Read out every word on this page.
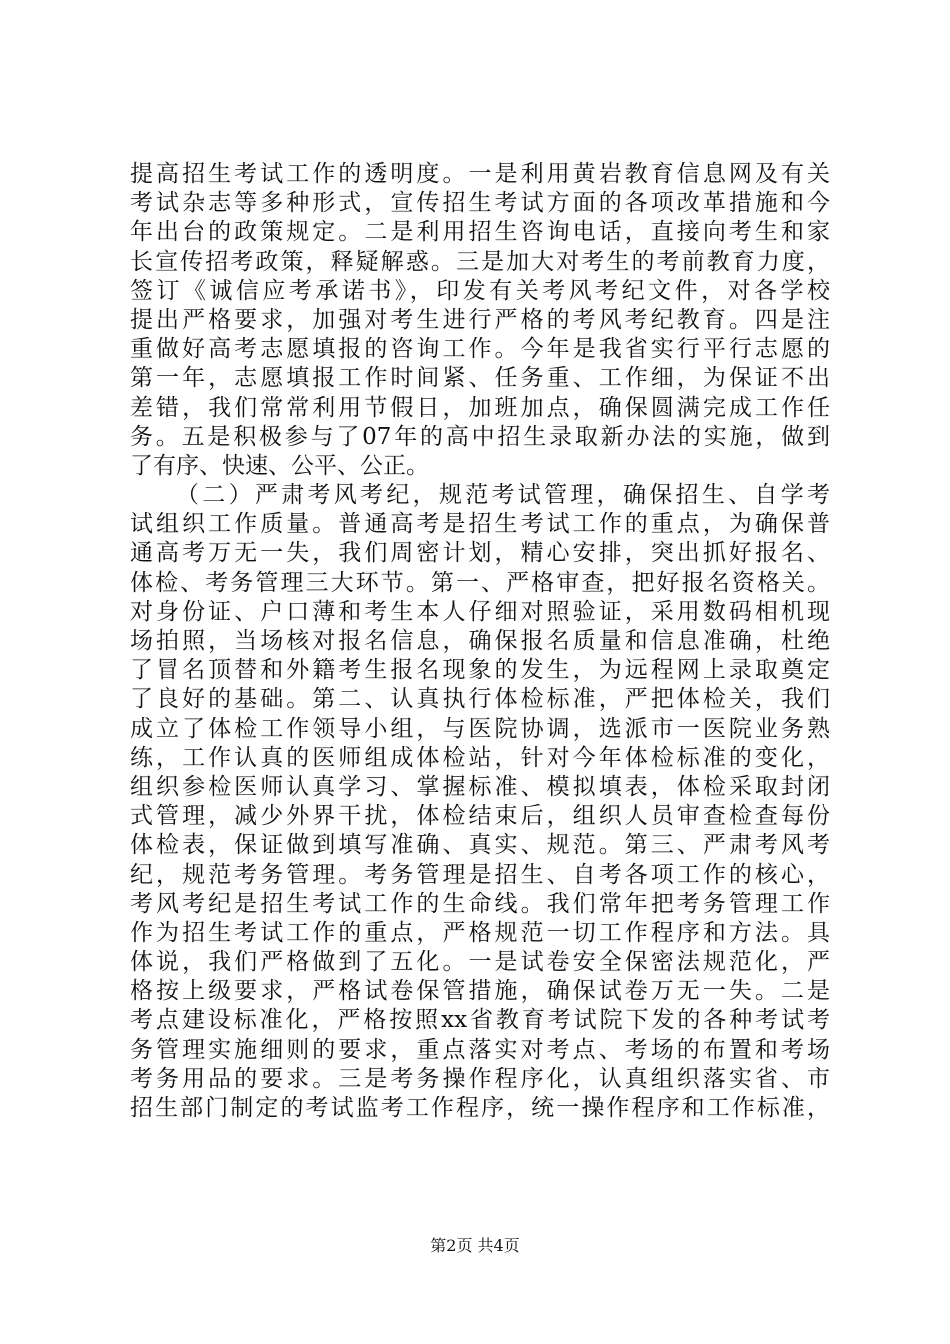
提高招生考试工作的透明度。一是利用黄岩教育信息网及有关
考试杂志等多种形式，宣传招生考试方面的各项改革措施和今
年出台的政策规定。二是利用招生咨询电话，直接向考生和家
长宣传招考政策，释疑解惑。三是加大对考生的考前教育力度，
签订《诚信应考承诺书》，印发有关考风考纪文件，对各学校
提出严格要求，加强对考生进行严格的考风考纪教育。四是注
重做好高考志愿填报的咨询工作。今年是我省实行平行志愿的
第一年，志愿填报工作时间紧、任务重、工作细，为保证不出
差错，我们常常利用节假日，加班加点，确保圆满完成工作任
务。五是积极参与了07年的高中招生录取新办法的实施，做到
了有序、快速、公平、公正。
（二）严肃考风考纪，规范考试管理，确保招生、自学考
试组织工作质量。普通高考是招生考试工作的重点，为确保普
通高考万无一失，我们周密计划，精心安排，突出抓好报名、
体检、考务管理三大环节。第一、严格审查，把好报名资格关。
对身份证、户口薄和考生本人仔细对照验证，采用数码相机现
场拍照，当场核对报名信息，确保报名质量和信息准确，杜绝
了冒名顶替和外籍考生报名现象的发生，为远程网上录取奠定
了良好的基础。第二、认真执行体检标准，严把体检关，我们
成立了体检工作领导小组，与医院协调，选派市一医院业务熟
练，工作认真的医师组成体检站，针对今年体检标准的变化，
组织参检医师认真学习、掌握标准、模拟填表，体检采取封闭
式管理，减少外界干扰，体检结束后，组织人员审查检查每份
体检表，保证做到填写准确、真实、规范。第三、严肃考风考
纪，规范考务管理。考务管理是招生、自考各项工作的核心，
考风考纪是招生考试工作的生命线。我们常年把考务管理工作
作为招生考试工作的重点，严格规范一切工作程序和方法。具
体说，我们严格做到了五化。一是试卷安全保密法规范化，严
格按上级要求，严格试卷保管措施，确保试卷万无一失。二是
考点建设标准化，严格按照xx省教育考试院下发的各种考试考
务管理实施细则的要求，重点落实对考点、考场的布置和考场
考务用品的要求。三是考务操作程序化，认真组织落实省、市
招生部门制定的考试监考工作程序，统一操作程序和工作标准，
第2页 共4页
